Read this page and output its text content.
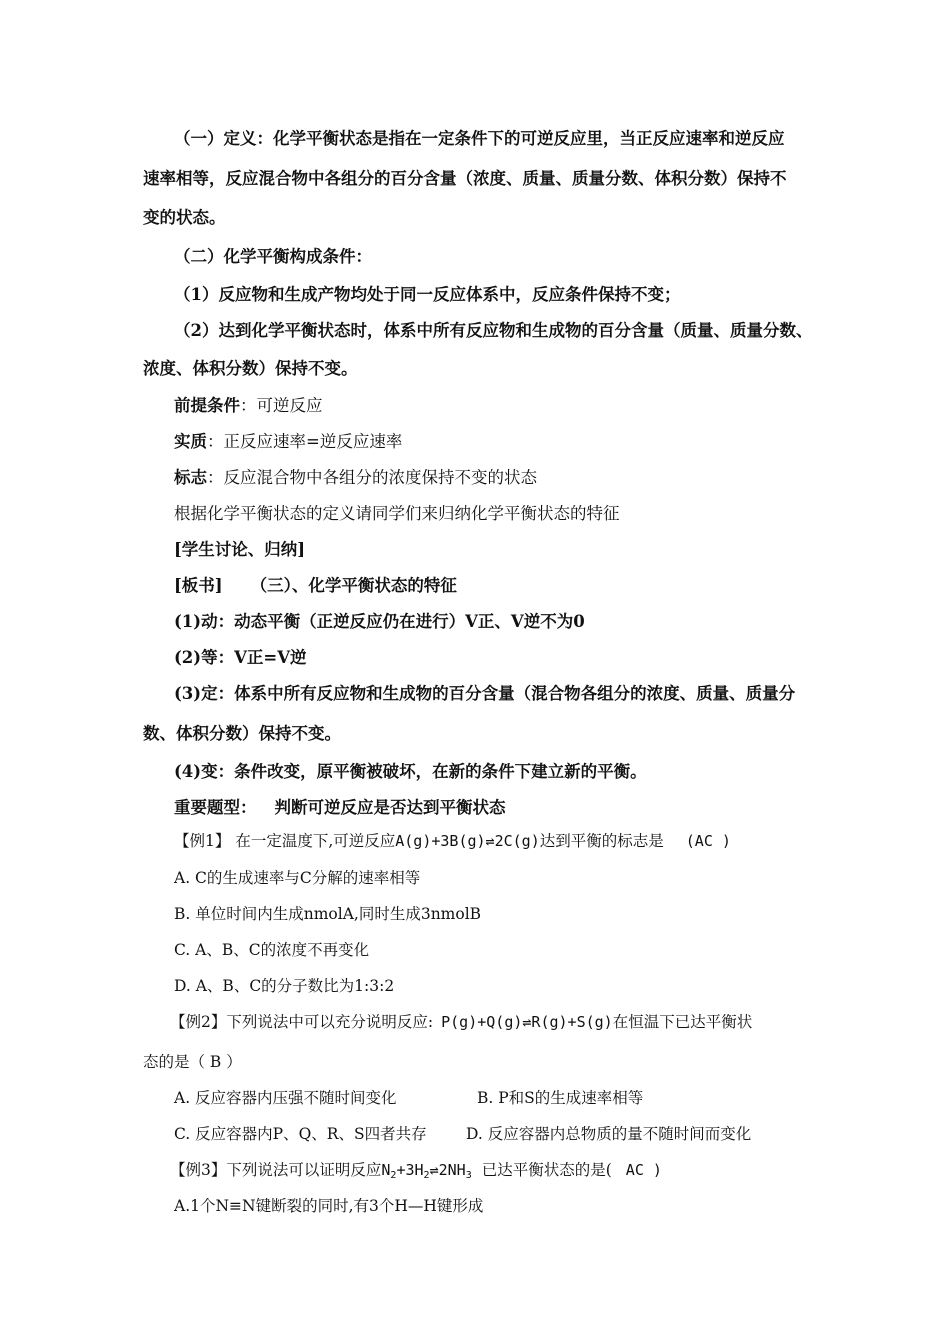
（一）定义：化学平衡状态是指在一定条件下的可逆反应里，当正反应速率和逆反应
速率相等，反应混合物中各组分的百分含量（浓度、质量、质量分数、体积分数）保持不
变的状态。
（二）化学平衡构成条件：
（1）反应物和生成产物均处于同一反应体系中，反应条件保持不变；
（2）达到化学平衡状态时，体系中所有反应物和生成物的百分含量（质量、质量分数、
浓度、体积分数）保持不变。
前提条件：可逆反应
实质：正反应速率=逆反应速率
标志：反应混合物中各组分的浓度保持不变的状态
根据化学平衡状态的定义请同学们来归纳化学平衡状态的特征
[学生讨论、归纳]
[板书] （三）、化学平衡状态的特征
(1)动：动态平衡（正逆反应仍在进行）V正、V逆不为0
(2)等：V正=V逆
(3)定：体系中所有反应物和生成物的百分含量（混合物各组分的浓度、质量、质量分
数、体积分数）保持不变。
(4)变：条件改变，原平衡被破坏，在新的条件下建立新的平衡。
重要题型： 判断可逆反应是否达到平衡状态
【例1】 在一定温度下,可逆反应A(g)+3B(g)⇌2C(g)达到平衡的标志是 (AC )
A. C的生成速率与C分解的速率相等
B. 单位时间内生成nmolA,同时生成3nmolB
C. A、B、C的浓度不再变化
D. A、B、C的分子数比为1:3:2
【例2】下列说法中可以充分说明反应: P(g)+Q(g)⇌R(g)+S(g)在恒温下已达平衡状
态的是（ B ）
A. 反应容器内压强不随时间变化	B. P和S的生成速率相等
C. 反应容器内P、Q、R、S四者共存	D. 反应容器内总物质的量不随时间而变化
【例3】下列说法可以证明反应$N_2+3H_2\rightleftharpoons 2NH_3$ 已达平衡状态的是( AC )
A.1个N≡N键断裂的同时,有3个H—H键形成
